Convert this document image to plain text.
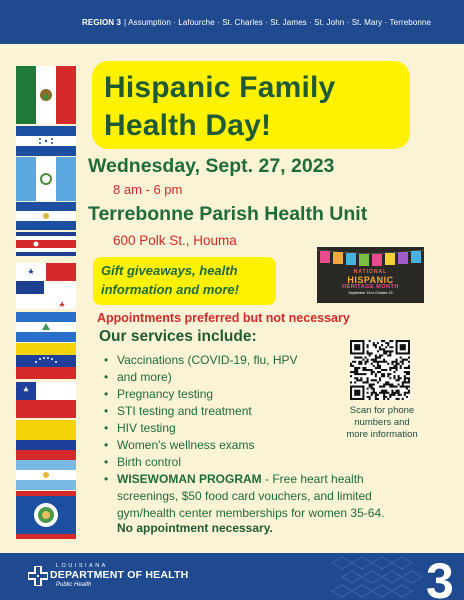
REGION 3 | Assumption · Lafourche · St. Charles · St. James · St. John · St. Mary · Terrebonne
Hispanic Family
Health Day!
Wednesday, Sept. 27, 2023
8 am - 6 pm
Terrebonne Parish Health Unit
600 Polk St., Houma
Gift giveaways, health
information and more!
NATIONAL
HISPANIC
HERITAGE MONTH
September 15 to October 15
Appointments preferred but not necessary
Our services include:
• Vaccinations (COVID-19, flu, HPV
• and more)
• Pregnancy testing
• STI testing and treatment
• HIV testing
• Women's wellness exams
• Birth control
• WISEWOMAN PROGRAM - Free heart health screenings, $50 food card vouchers, and limited gym/health center memberships for women 35-64.
No appointment necessary.
Scan for phone
numbers and
more information
LOUISIANA
DEPARTMENT OF HEALTH
Public Health	3
